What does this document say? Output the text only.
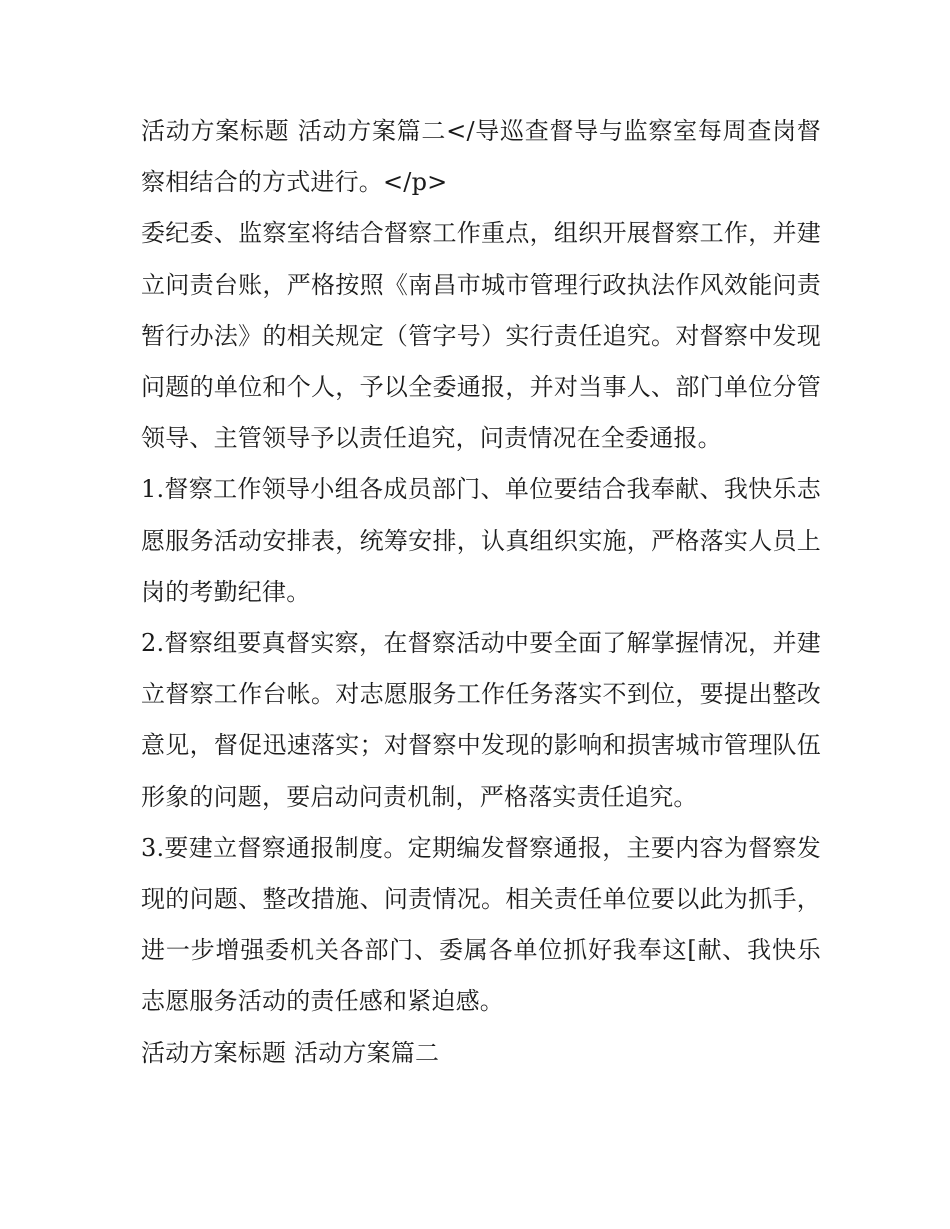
活动方案标题 活动方案篇二</导巡查督导与监察室每周查岗督察相结合的方式进行。</p>

委纪委、监察室将结合督察工作重点，组织开展督察工作，并建立问责台账，严格按照《南昌市城市管理行政执法作风效能问责暂行办法》的相关规定（管字号）实行责任追究。对督察中发现问题的单位和个人，予以全委通报，并对当事人、部门单位分管领导、主管领导予以责任追究，问责情况在全委通报。

1.督察工作领导小组各成员部门、单位要结合我奉献、我快乐志愿服务活动安排表，统筹安排，认真组织实施，严格落实人员上岗的考勤纪律。

2.督察组要真督实察，在督察活动中要全面了解掌握情况，并建立督察工作台帐。对志愿服务工作任务落实不到位，要提出整改意见，督促迅速落实；对督察中发现的影响和损害城市管理队伍形象的问题，要启动问责机制，严格落实责任追究。

3.要建立督察通报制度。定期编发督察通报，主要内容为督察发现的问题、整改措施、问责情况。相关责任单位要以此为抓手，进一步增强委机关各部门、委属各单位抓好我奉这[献、我快乐志愿服务活动的责任感和紧迫感。

活动方案标题 活动方案篇二
